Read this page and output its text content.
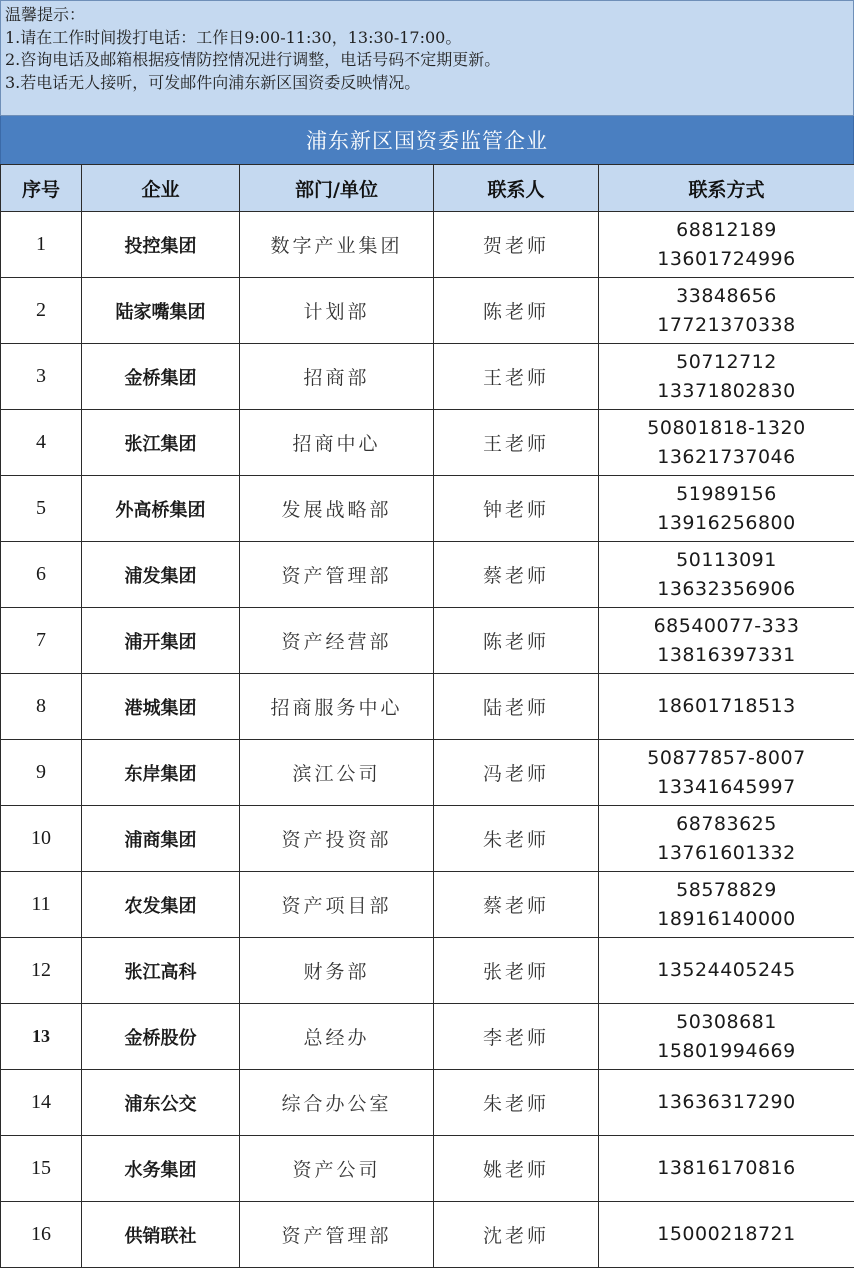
温馨提示：
1.请在工作时间拨打电话：工作日9:00-11:30，13:30-17:00。
2.咨询电话及邮箱根据疫情防控情况进行调整，电话号码不定期更新。
3.若电话无人接听，可发邮件向浦东新区国资委反映情况。
浦东新区国资委监管企业
序号	企业	部门/单位	联系人	联系方式
1	投控集团	数字产业集团	贺老师	68812189
13601724996

2	陆家嘴集团	计划部	陈老师	33848656
17721370338

3	金桥集团	招商部	王老师	50712712
13371802830

4	张江集团	招商中心	王老师	50801818-1320
13621737046

5	外高桥集团	发展战略部	钟老师	51989156
13916256800

6	浦发集团	资产管理部	蔡老师	50113091
13632356906

7	浦开集团	资产经营部	陈老师	68540077-333
13816397331

8	港城集团	招商服务中心	陆老师	18601718513

9	东岸集团	滨江公司	冯老师	50877857-8007
13341645997

10	浦商集团	资产投资部	朱老师	68783625
13761601332

11	农发集团	资产项目部	蔡老师	58578829
18916140000

12	张江高科	财务部	张老师	13524405245

13	金桥股份	总经办	李老师	50308681
15801994669

14	浦东公交	综合办公室	朱老师	13636317290

15	水务集团	资产公司	姚老师	13816170816

16	供销联社	资产管理部	沈老师	15000218721
